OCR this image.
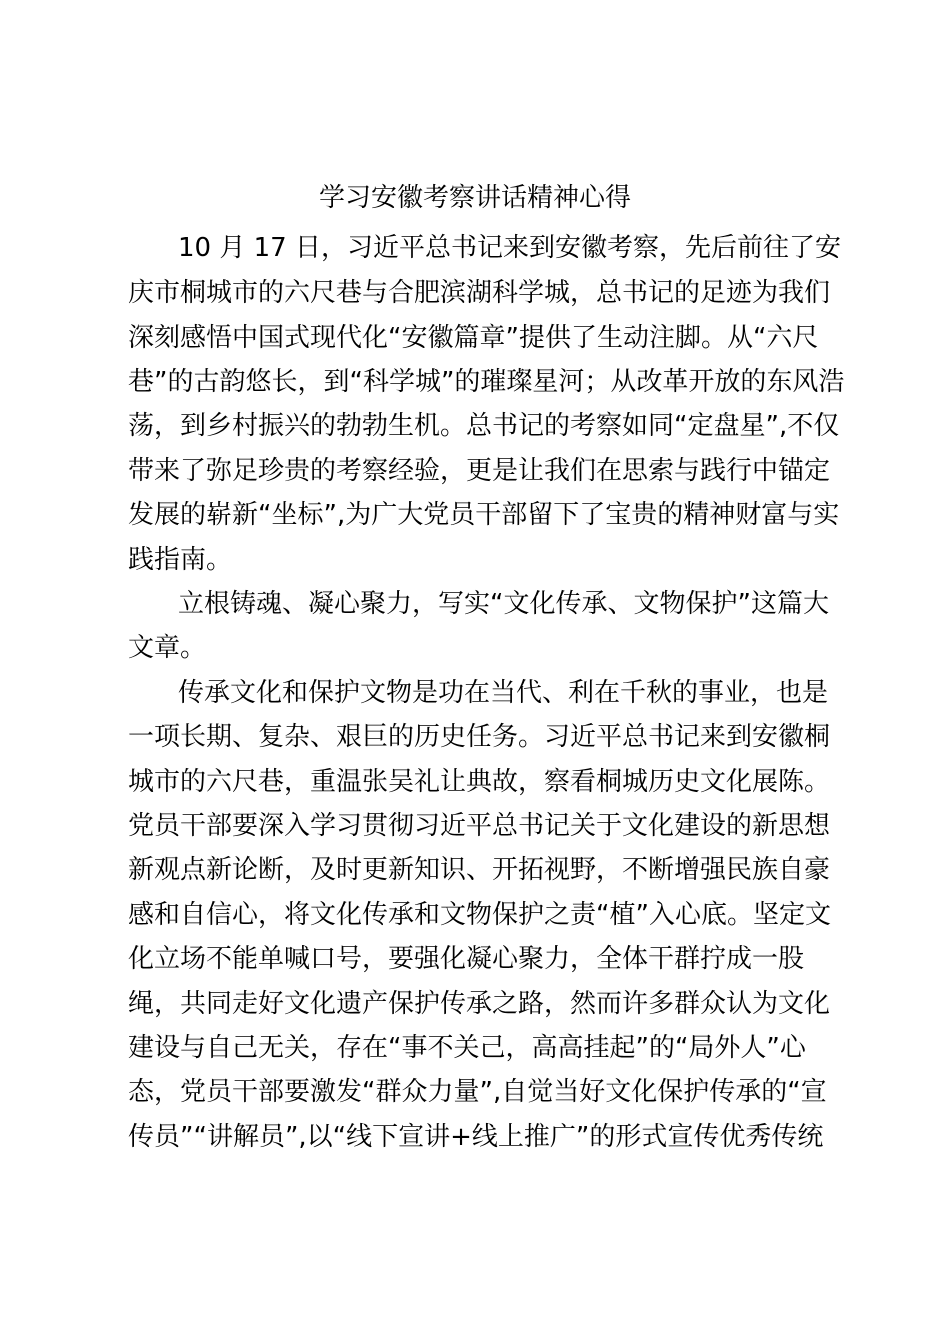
学习安徽考察讲话精神心得
10 月 17 日，习近平总书记来到安徽考察，先后前往了安
庆市桐城市的六尺巷与合肥滨湖科学城，总书记的足迹为我们
深刻感悟中国式现代化“安徽篇章”提供了生动注脚。从“六尺
巷”的古韵悠长，到“科学城”的璀璨星河；从改革开放的东风浩
荡，到乡村振兴的勃勃生机。总书记的考察如同“定盘星”,不仅
带来了弥足珍贵的考察经验，更是让我们在思索与践行中锚定
发展的崭新“坐标”,为广大党员干部留下了宝贵的精神财富与实
践指南。
立根铸魂、凝心聚力，写实“文化传承、文物保护”这篇大
文章。
传承文化和保护文物是功在当代、利在千秋的事业，也是
一项长期、复杂、艰巨的历史任务。习近平总书记来到安徽桐
城市的六尺巷，重温张吴礼让典故，察看桐城历史文化展陈。
党员干部要深入学习贯彻习近平总书记关于文化建设的新思想
新观点新论断，及时更新知识、开拓视野，不断增强民族自豪
感和自信心，将文化传承和文物保护之责“植”入心底。坚定文
化立场不能单喊口号，要强化凝心聚力，全体干群拧成一股
绳，共同走好文化遗产保护传承之路，然而许多群众认为文化
建设与自己无关，存在“事不关己，高高挂起”的“局外人”心
态，党员干部要激发“群众力量”,自觉当好文化保护传承的“宣
传员”“讲解员”,以“线下宣讲+线上推广”的形式宣传优秀传统
